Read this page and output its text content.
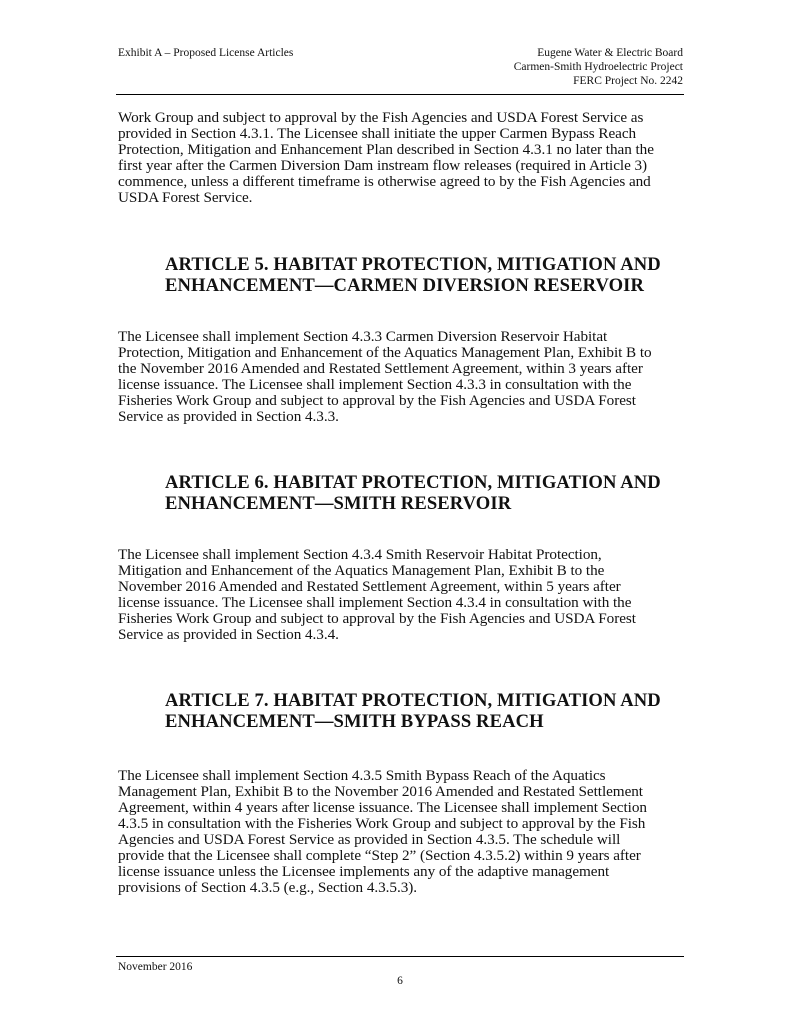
Exhibit A – Proposed License Articles	Eugene Water & Electric Board
Carmen-Smith Hydroelectric Project
FERC Project No. 2242

Work Group and subject to approval by the Fish Agencies and USDA Forest Service as
provided in Section 4.3.1. The Licensee shall initiate the upper Carmen Bypass Reach
Protection, Mitigation and Enhancement Plan described in Section 4.3.1 no later than the
first year after the Carmen Diversion Dam instream flow releases (required in Article 3)
commence, unless a different timeframe is otherwise agreed to by the Fish Agencies and
USDA Forest Service.

ARTICLE 5. HABITAT PROTECTION, MITIGATION AND
ENHANCEMENT—CARMEN DIVERSION RESERVOIR

The Licensee shall implement Section 4.3.3 Carmen Diversion Reservoir Habitat
Protection, Mitigation and Enhancement of the Aquatics Management Plan, Exhibit B to
the November 2016 Amended and Restated Settlement Agreement, within 3 years after
license issuance. The Licensee shall implement Section 4.3.3 in consultation with the
Fisheries Work Group and subject to approval by the Fish Agencies and USDA Forest
Service as provided in Section 4.3.3.

ARTICLE 6. HABITAT PROTECTION, MITIGATION AND
ENHANCEMENT—SMITH RESERVOIR

The Licensee shall implement Section 4.3.4 Smith Reservoir Habitat Protection,
Mitigation and Enhancement of the Aquatics Management Plan, Exhibit B to the
November 2016 Amended and Restated Settlement Agreement, within 5 years after
license issuance. The Licensee shall implement Section 4.3.4 in consultation with the
Fisheries Work Group and subject to approval by the Fish Agencies and USDA Forest
Service as provided in Section 4.3.4.

ARTICLE 7. HABITAT PROTECTION, MITIGATION AND
ENHANCEMENT—SMITH BYPASS REACH

The Licensee shall implement Section 4.3.5 Smith Bypass Reach of the Aquatics
Management Plan, Exhibit B to the November 2016 Amended and Restated Settlement
Agreement, within 4 years after license issuance. The Licensee shall implement Section
4.3.5 in consultation with the Fisheries Work Group and subject to approval by the Fish
Agencies and USDA Forest Service as provided in Section 4.3.5. The schedule will
provide that the Licensee shall complete “Step 2” (Section 4.3.5.2) within 9 years after
license issuance unless the Licensee implements any of the adaptive management
provisions of Section 4.3.5 (e.g., Section 4.3.5.3).

November 2016
6
